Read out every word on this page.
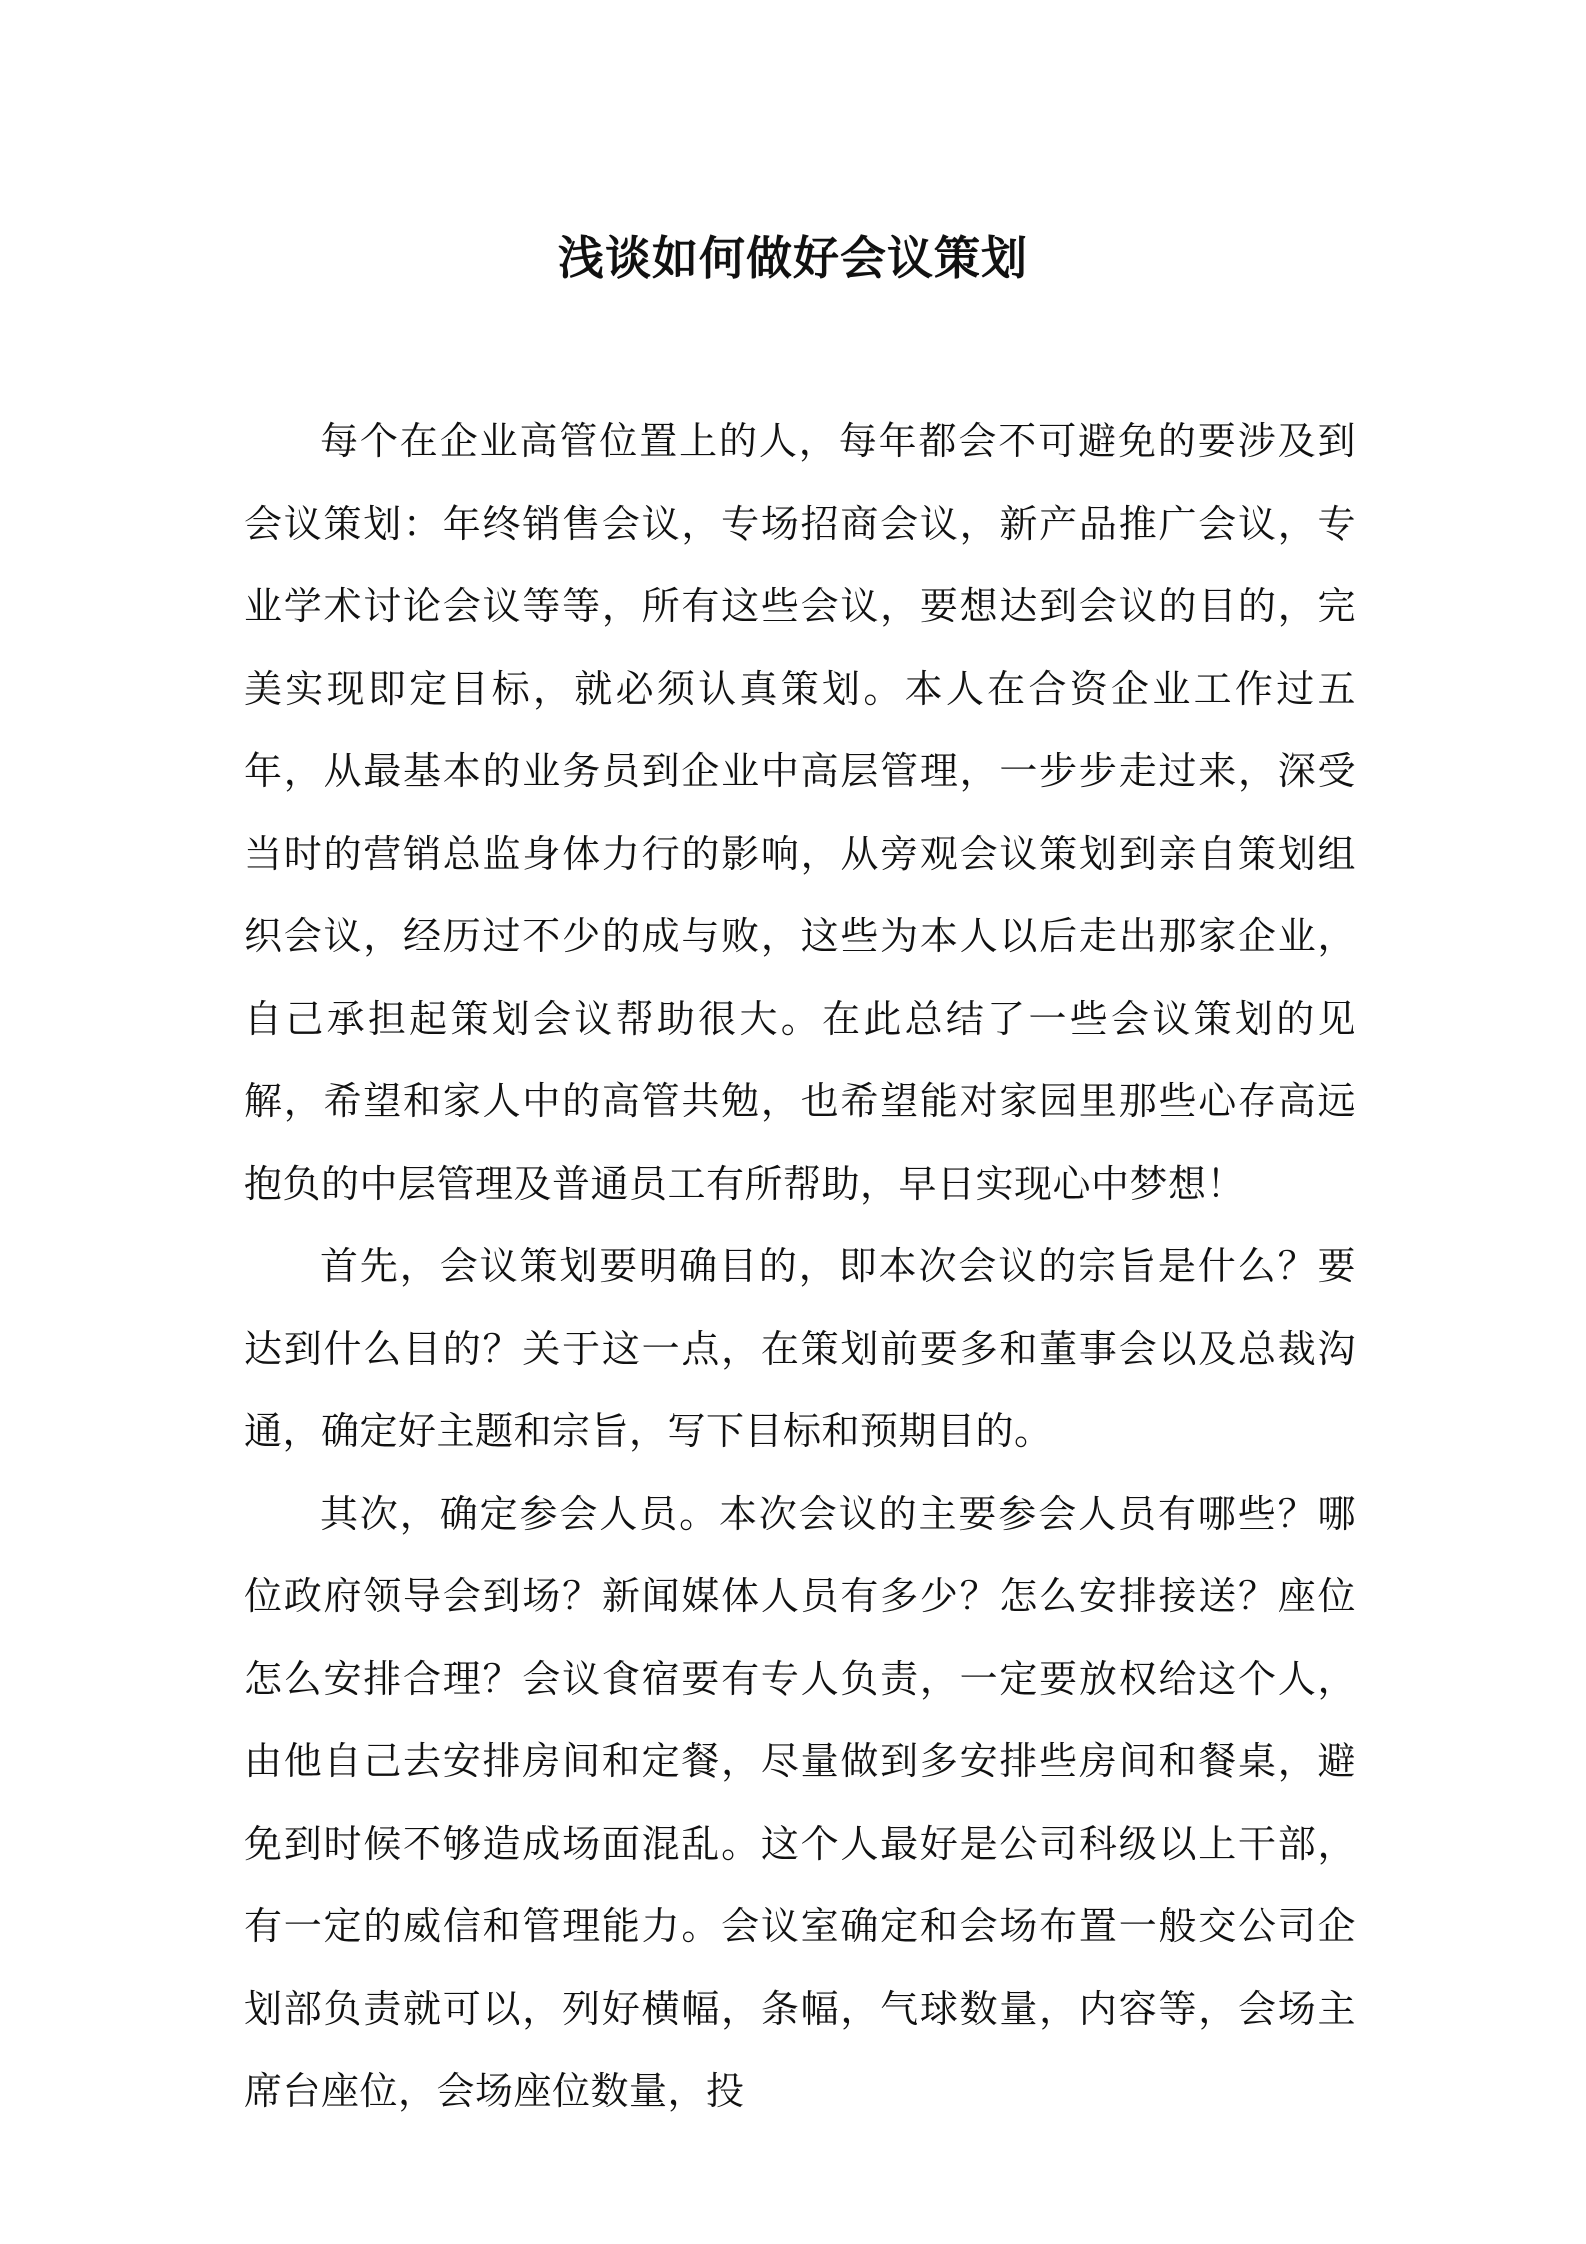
浅谈如何做好会议策划

每个在企业高管位置上的人，每年都会不可避免的要涉及到会议策划：年终销售会议，专场招商会议，新产品推广会议，专业学术讨论会议等等，所有这些会议，要想达到会议的目的，完美实现即定目标，就必须认真策划。本人在合资企业工作过五年，从最基本的业务员到企业中高层管理，一步步走过来，深受当时的营销总监身体力行的影响，从旁观会议策划到亲自策划组织会议，经历过不少的成与败，这些为本人以后走出那家企业，自己承担起策划会议帮助很大。在此总结了一些会议策划的见解，希望和家人中的高管共勉，也希望能对家园里那些心存高远抱负的中层管理及普通员工有所帮助，早日实现心中梦想！

首先，会议策划要明确目的，即本次会议的宗旨是什么？要达到什么目的？关于这一点，在策划前要多和董事会以及总裁沟通，确定好主题和宗旨，写下目标和预期目的。

其次，确定参会人员。本次会议的主要参会人员有哪些？哪位政府领导会到场？新闻媒体人员有多少？怎么安排接送？座位怎么安排合理？会议食宿要有专人负责，一定要放权给这个人，由他自己去安排房间和定餐，尽量做到多安排些房间和餐桌，避免到时候不够造成场面混乱。这个人最好是公司科级以上干部，有一定的威信和管理能力。会议室确定和会场布置一般交公司企划部负责就可以，列好横幅，条幅，气球数量，内容等，会场主席台座位，会场座位数量，投
